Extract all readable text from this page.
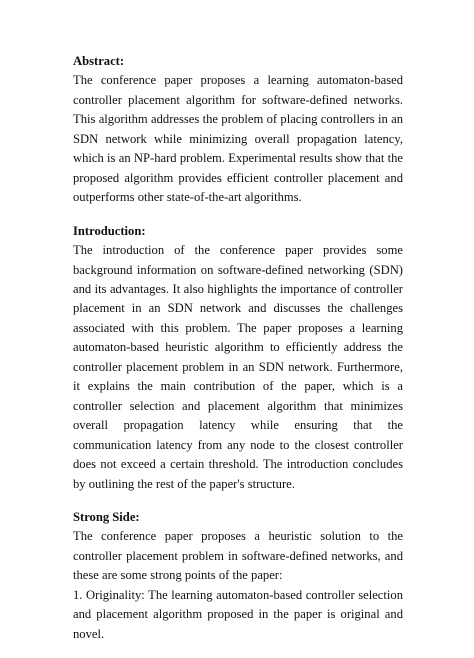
Abstract:

The conference paper proposes a learning automaton-based controller placement algorithm for software-defined networks. This algorithm addresses the problem of placing controllers in an SDN network while minimizing overall propagation latency, which is an NP-hard problem. Experimental results show that the proposed algorithm provides efficient controller placement and outperforms other state-of-the-art algorithms.

Introduction:

The introduction of the conference paper provides some background information on software-defined networking (SDN) and its advantages. It also highlights the importance of controller placement in an SDN network and discusses the challenges associated with this problem. The paper proposes a learning automaton-based heuristic algorithm to efficiently address the controller placement problem in an SDN network. Furthermore, it explains the main contribution of the paper, which is a controller selection and placement algorithm that minimizes overall propagation latency while ensuring that the communication latency from any node to the closest controller does not exceed a certain threshold. The introduction concludes by outlining the rest of the paper's structure.

Strong Side:

The conference paper proposes a heuristic solution to the controller placement problem in software-defined networks, and these are some strong points of the paper:

1. Originality: The learning automaton-based controller selection and placement algorithm proposed in the paper is original and novel.
